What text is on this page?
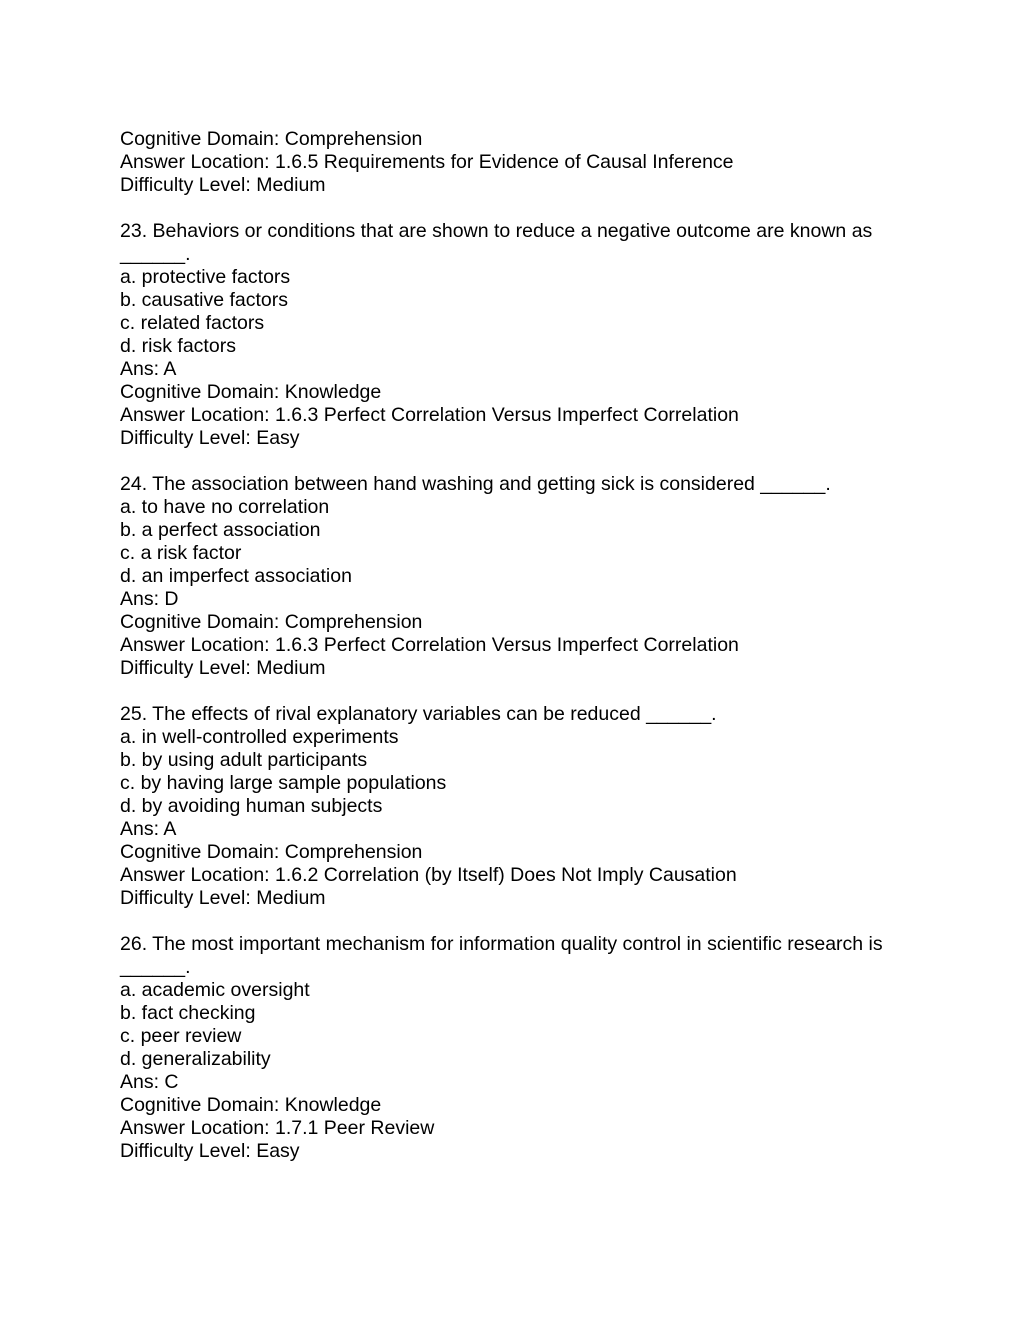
Cognitive Domain: Comprehension

Answer Location: 1.6.5 Requirements for Evidence of Causal Inference

Difficulty Level: Medium

23. Behaviors or conditions that are shown to reduce a negative outcome are known as ______.

a. protective factors

b. causative factors

c. related factors

d. risk factors

Ans: A

Cognitive Domain: Knowledge

Answer Location: 1.6.3 Perfect Correlation Versus Imperfect Correlation

Difficulty Level: Easy

24. The association between hand washing and getting sick is considered ______.

a. to have no correlation

b. a perfect association

c. a risk factor

d. an imperfect association

Ans: D

Cognitive Domain: Comprehension

Answer Location: 1.6.3 Perfect Correlation Versus Imperfect Correlation

Difficulty Level: Medium

25. The effects of rival explanatory variables can be reduced ______.

a. in well-controlled experiments

b. by using adult participants

c. by having large sample populations

d. by avoiding human subjects

Ans: A

Cognitive Domain: Comprehension

Answer Location: 1.6.2 Correlation (by Itself) Does Not Imply Causation

Difficulty Level: Medium

26. The most important mechanism for information quality control in scientific research is ______.

a. academic oversight

b. fact checking

c. peer review

d. generalizability

Ans: C

Cognitive Domain: Knowledge

Answer Location: 1.7.1 Peer Review

Difficulty Level: Easy
